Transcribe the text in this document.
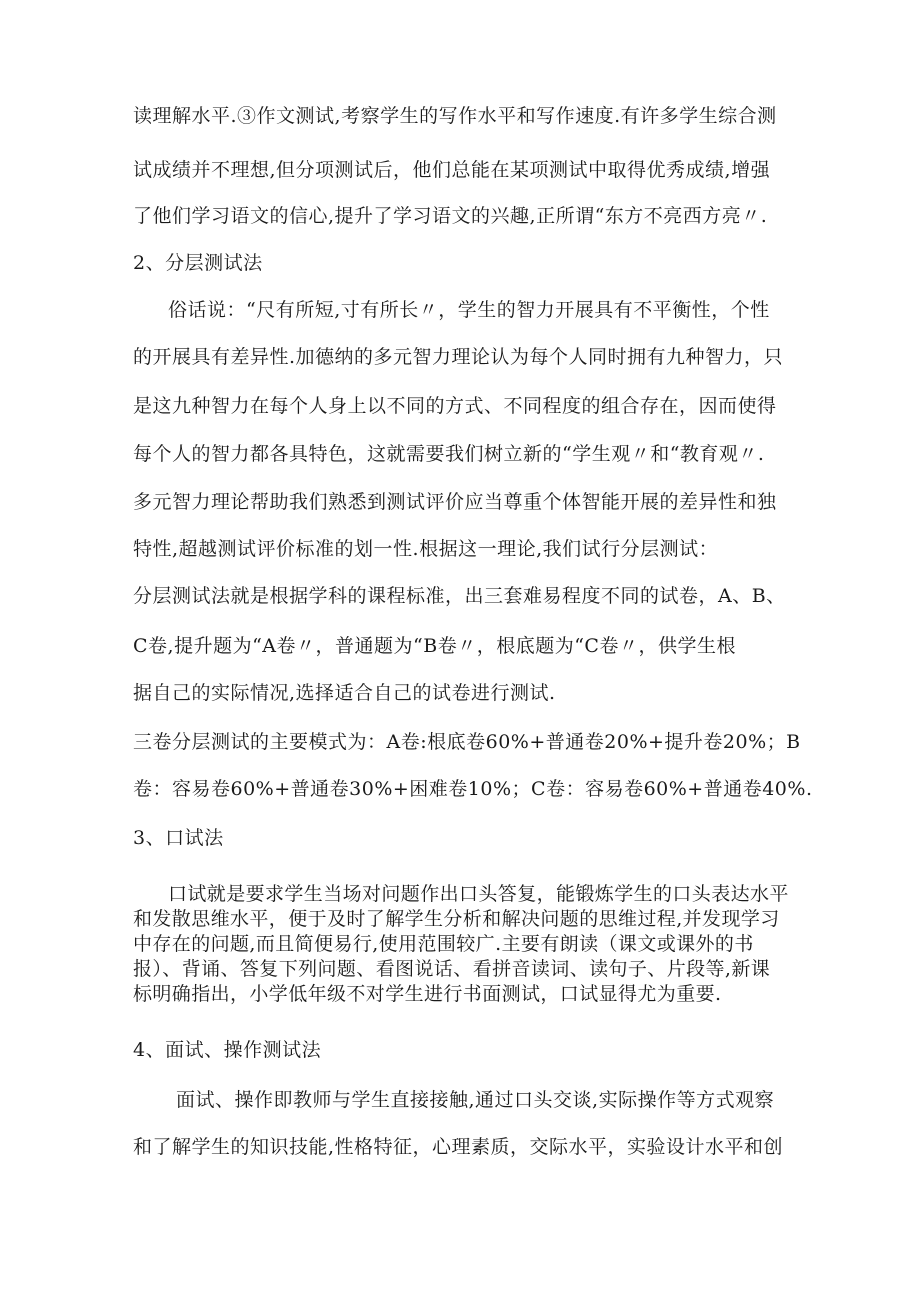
读理解水平.③作文测试,考察学生的写作水平和写作速度.有许多学生综合测
试成绩并不理想,但分项测试后，他们总能在某项测试中取得优秀成绩,增强
了他们学习语文的信心,提升了学习语文的兴趣,正所谓“东方不亮西方亮〃.
2、分层测试法
俗话说：“尺有所短,寸有所长〃，学生的智力开展具有不平衡性，个性
的开展具有差异性.加德纳的多元智力理论认为每个人同时拥有九种智力，只
是这九种智力在每个人身上以不同的方式、不同程度的组合存在，因而使得
每个人的智力都各具特色，这就需要我们树立新的“学生观〃和“教育观〃.
多元智力理论帮助我们熟悉到测试评价应当尊重个体智能开展的差异性和独
特性,超越测试评价标准的划一性.根据这一理论,我们试行分层测试：
分层测试法就是根据学科的课程标准，出三套难易程度不同的试卷，A、B、
C卷,提升题为“A卷〃，普通题为“B卷〃，根底题为“C卷〃，供学生根
据自己的实际情况,选择适合自己的试卷进行测试.
三卷分层测试的主要模式为：A卷:根底卷60%+普通卷20%+提升卷20%；B
卷：容易卷60%+普通卷30%+困难卷10%；C卷：容易卷60%+普通卷40%.
3、口试法
口试就是要求学生当场对问题作出口头答复，能锻炼学生的口头表达水平
和发散思维水平，便于及时了解学生分析和解决问题的思维过程,并发现学习
中存在的问题,而且简便易行,使用范围较广.主要有朗读（课文或课外的书
报）、背诵、答复下列问题、看图说话、看拼音读词、读句子、片段等,新课
标明确指出，小学低年级不对学生进行书面测试，口试显得尤为重要.
4、面试、操作测试法
面试、操作即教师与学生直接接触,通过口头交谈,实际操作等方式观察
和了解学生的知识技能,性格特征，心理素质，交际水平，实验设计水平和创
